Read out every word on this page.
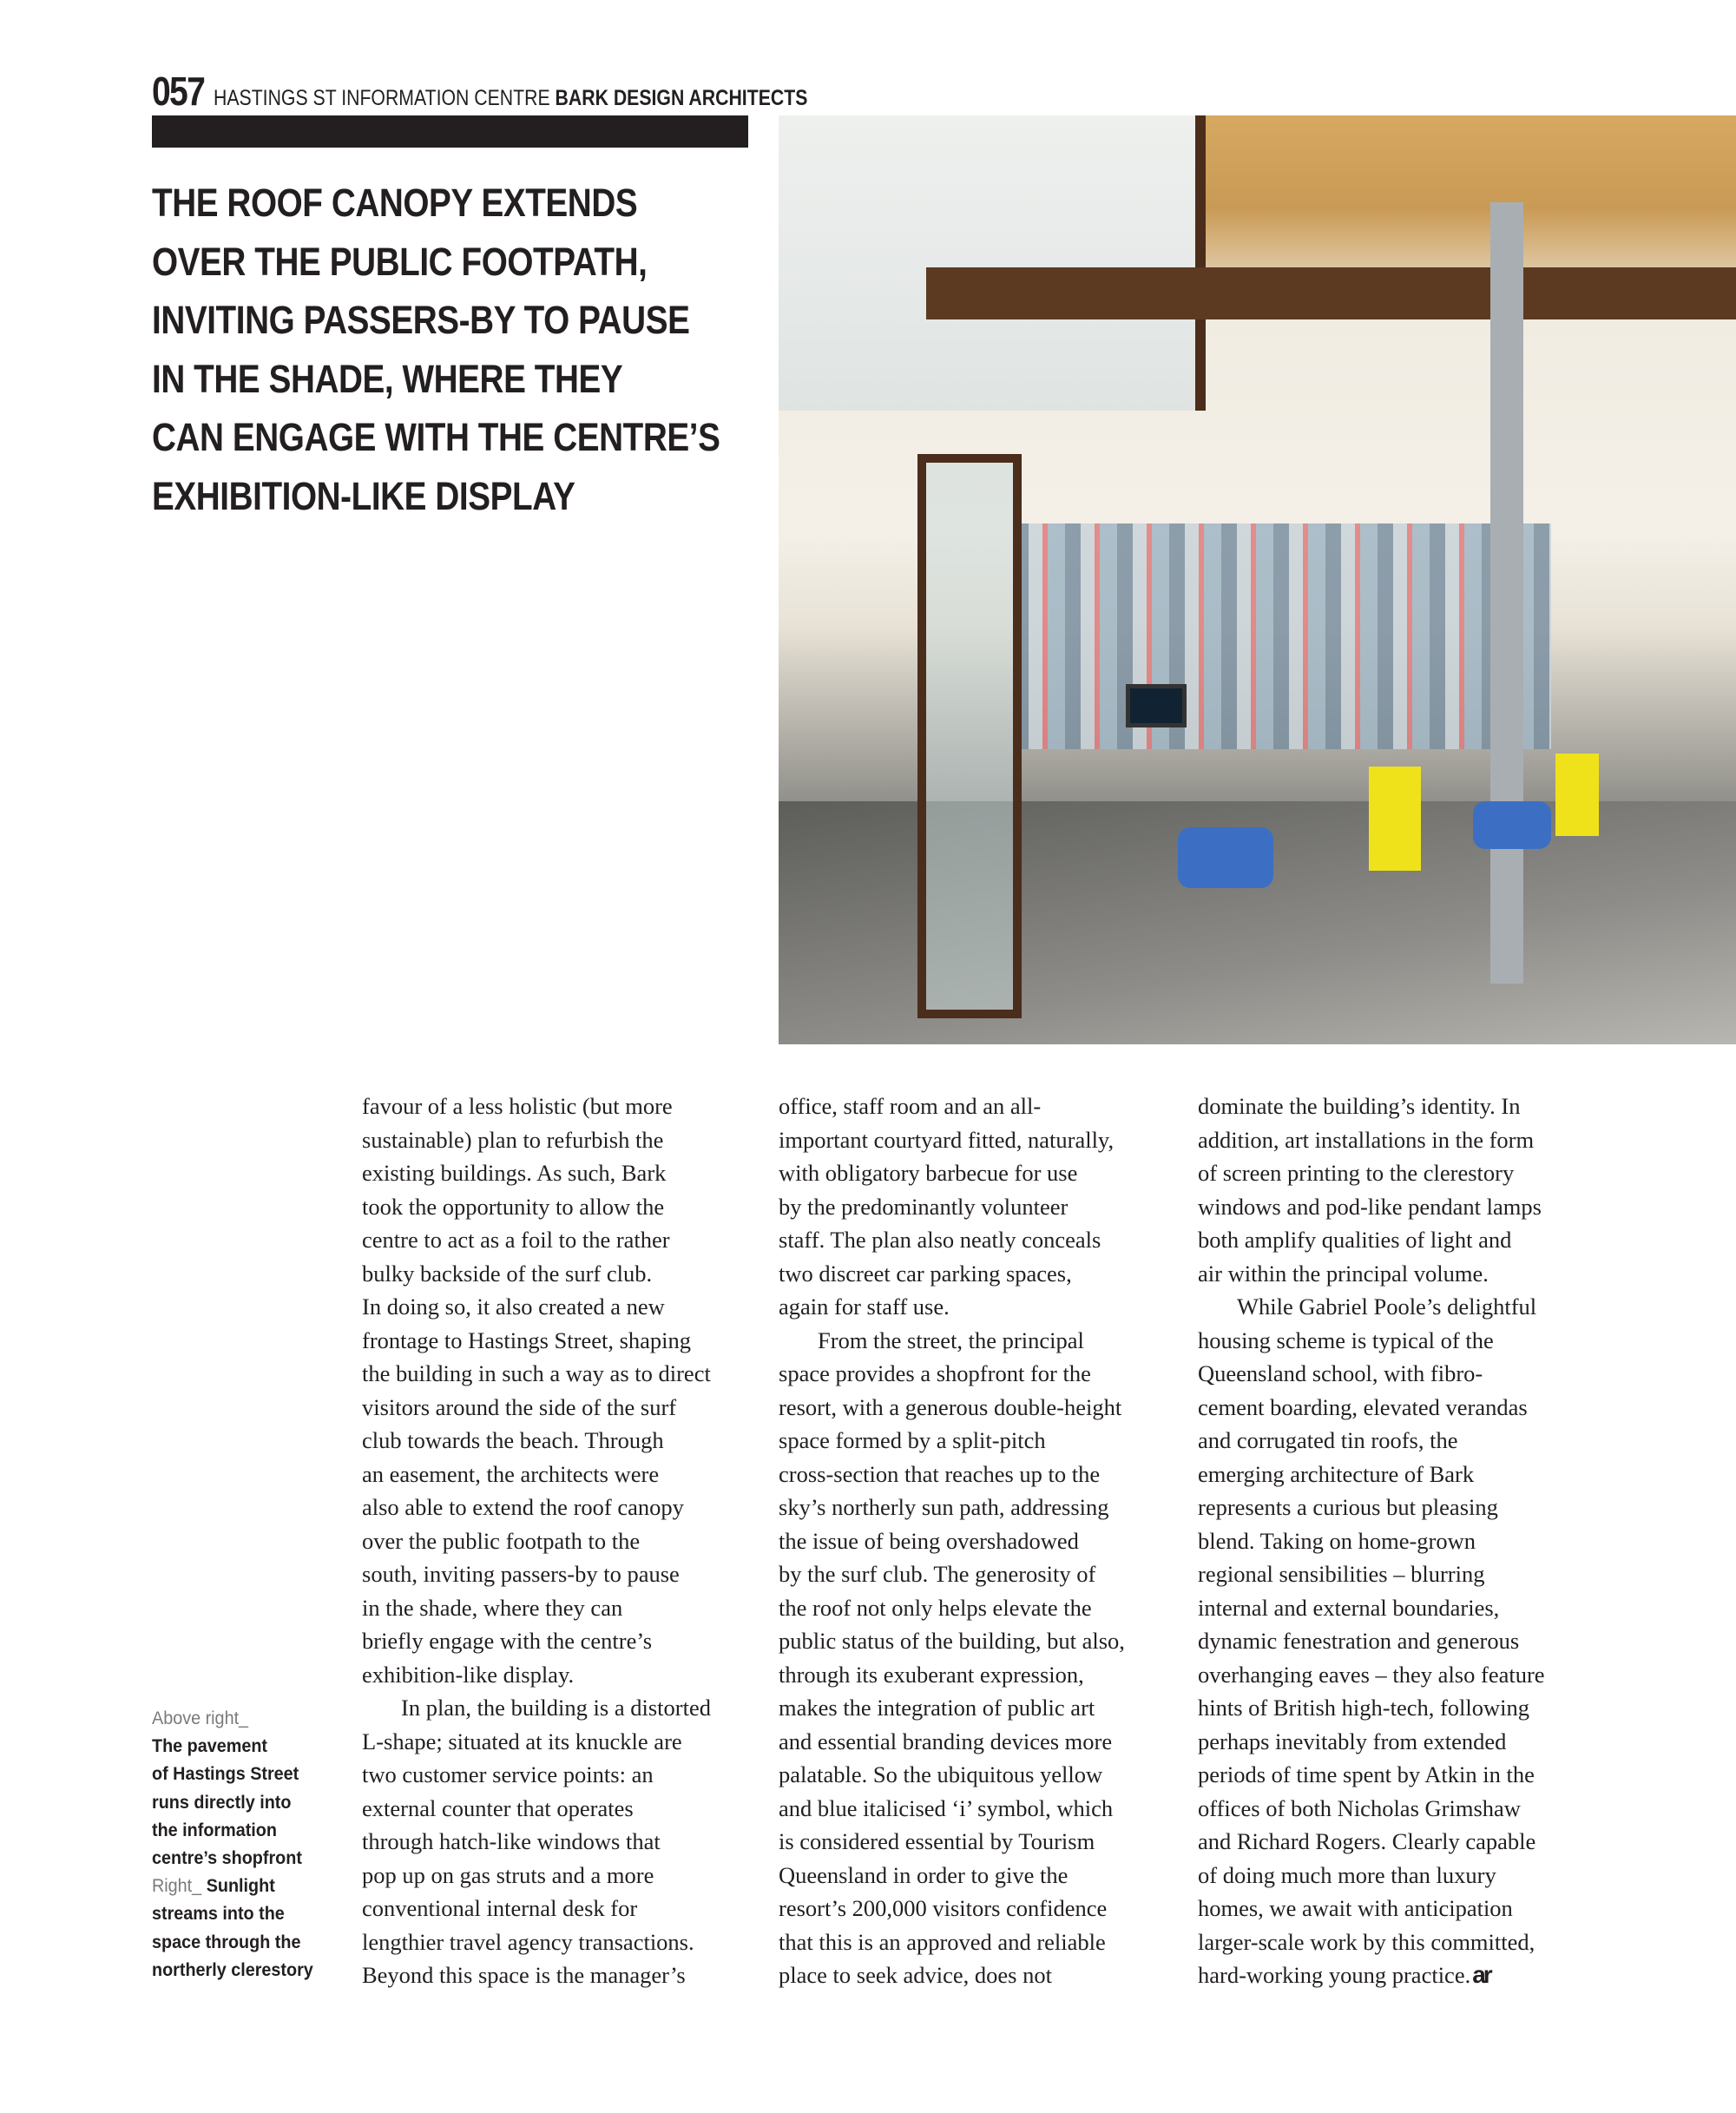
057 HASTINGS ST INFORMATION CENTRE BARK DESIGN ARCHITECTS
THE ROOF CANOPY EXTENDS
OVER THE PUBLIC FOOTPATH,
INVITING PASSERS-BY TO PAUSE
IN THE SHADE, WHERE THEY
CAN ENGAGE WITH THE CENTRE’S
EXHIBITION-LIKE DISPLAY
favour of a less holistic (but more
sustainable) plan to refurbish the
existing buildings. As such, Bark
took the opportunity to allow the
centre to act as a foil to the rather
bulky backside of the surf club.
In doing so, it also created a new
frontage to Hastings Street, shaping
the building in such a way as to direct
visitors around the side of the surf
club towards the beach. Through
an easement, the architects were
also able to extend the roof canopy
over the public footpath to the
south, inviting passers-by to pause
in the shade, where they can
briefly engage with the centre’s
exhibition-like display.
In plan, the building is a distorted
L-shape; situated at its knuckle are
two customer service points: an
external counter that operates
through hatch-like windows that
pop up on gas struts and a more
conventional internal desk for
lengthier travel agency transactions.
Beyond this space is the manager’s
office, staff room and an all-
important courtyard fitted, naturally,
with obligatory barbecue for use
by the predominantly volunteer
staff. The plan also neatly conceals
two discreet car parking spaces,
again for staff use.
From the street, the principal
space provides a shopfront for the
resort, with a generous double-height
space formed by a split-pitch
cross-section that reaches up to the
sky’s northerly sun path, addressing
the issue of being overshadowed
by the surf club. The generosity of
the roof not only helps elevate the
public status of the building, but also,
through its exuberant expression,
makes the integration of public art
and essential branding devices more
palatable. So the ubiquitous yellow
and blue italicised ‘i’ symbol, which
is considered essential by Tourism
Queensland in order to give the
resort’s 200,000 visitors confidence
that this is an approved and reliable
place to seek advice, does not
dominate the building’s identity. In
addition, art installations in the form
of screen printing to the clerestory
windows and pod-like pendant lamps
both amplify qualities of light and
air within the principal volume.
While Gabriel Poole’s delightful
housing scheme is typical of the
Queensland school, with fibro-
cement boarding, elevated verandas
and corrugated tin roofs, the
emerging architecture of Bark
represents a curious but pleasing
blend. Taking on home-grown
regional sensibilities – blurring
internal and external boundaries,
dynamic fenestration and generous
overhanging eaves – they also feature
hints of British high-tech, following
perhaps inevitably from extended
periods of time spent by Atkin in the
offices of both Nicholas Grimshaw
and Richard Rogers. Clearly capable
of doing much more than luxury
homes, we await with anticipation
larger-scale work by this committed,
hard-working young practice.ar
Above right_
The pavement
of Hastings Street
runs directly into
the information
centre’s shopfront
Right_ Sunlight
streams into the
space through the
northerly clerestory
